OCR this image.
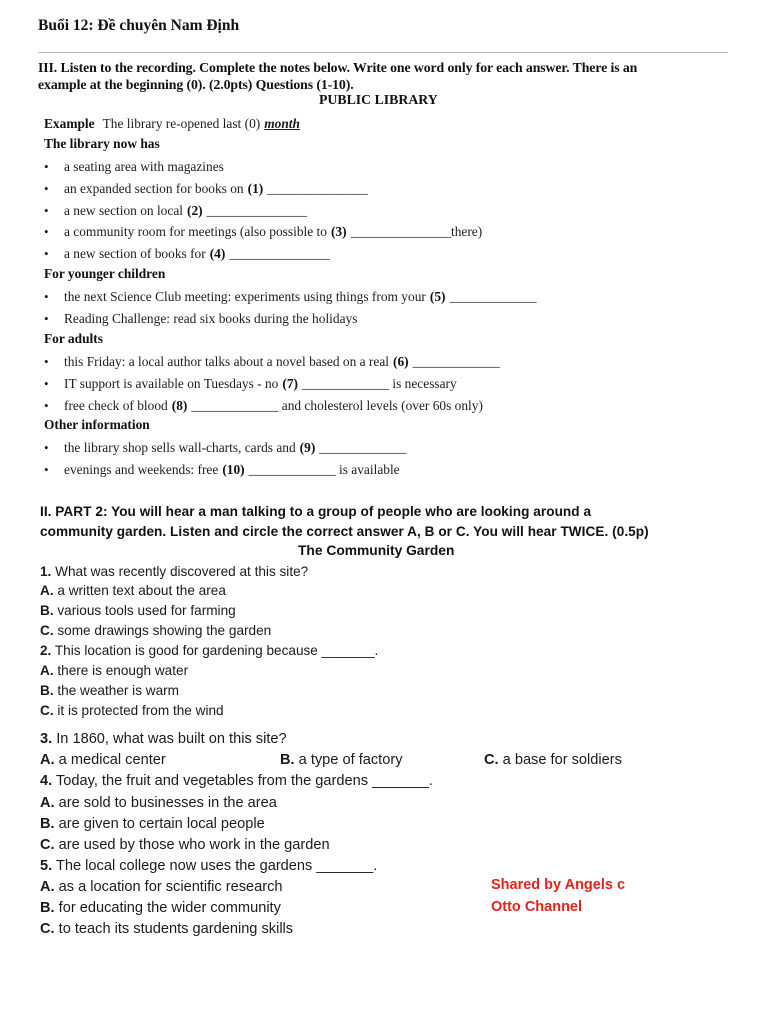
Buổi 12: Đề chuyên Nam Định
III. Listen to the recording. Complete the notes below. Write one word only for each answer. There is an
example at the beginning (0). (2.0pts) Questions (1-10).
PUBLIC LIBRARY
Example The library re-opened last (0) month
The library now has
• a seating area with magazines
• an expanded section for books on (1) _______________
• a new section on local (2) _______________
• a community room for meetings (also possible to (3) _______________there)
• a new section of books for (4) _______________
For younger children
• the next Science Club meeting: experiments using things from your (5) _____________
• Reading Challenge: read six books during the holidays
For adults
• this Friday: a local author talks about a novel based on a real (6) _____________
• IT support is available on Tuesdays - no (7) _____________ is necessary
• free check of blood (8) _____________ and cholesterol levels (over 60s only)
Other information
• the library shop sells wall-charts, cards and (9) _____________
• evenings and weekends: free (10) _____________ is available
II. PART 2: You will hear a man talking to a group of people who are looking around a
community garden. Listen and circle the correct answer A, B or C. You will hear TWICE. (0.5p)
The Community Garden
1. What was recently discovered at this site?
A. a written text about the area
B. various tools used for farming
C. some drawings showing the garden
2. This location is good for gardening because _______.
A. there is enough water
B. the weather is warm
C. it is protected from the wind
3. In 1860, what was built on this site?
A. a medical center	B. a type of factory	C. a base for soldiers
4. Today, the fruit and vegetables from the gardens _______.
A. are sold to businesses in the area
B. are given to certain local people
C. are used by those who work in the garden
5. The local college now uses the gardens _______.
A. as a location for scientific research
B. for educating the wider community
C. to teach its students gardening skills
Shared by Angels c
Otto Channel
